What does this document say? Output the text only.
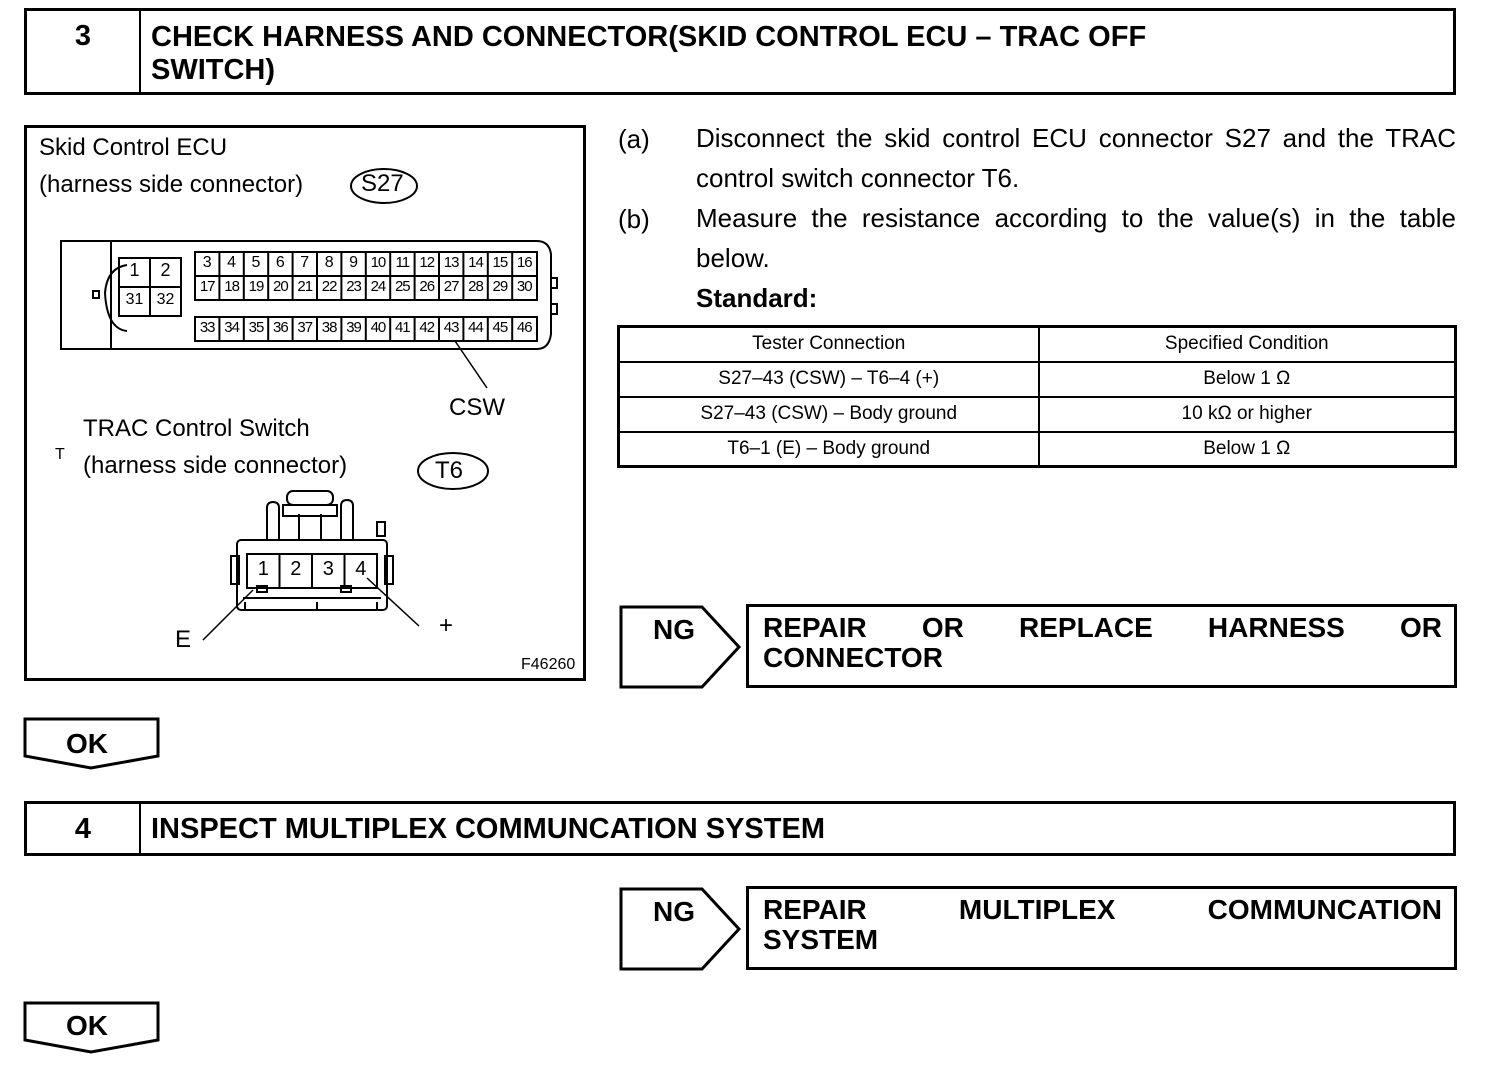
3	CHECK HARNESS AND CONNECTOR(SKID CONTROL ECU – TRAC OFF
SWITCH)
Skid Control ECU
(harness side connector) S27
1	2
31 32
3 4 5 6 7 8 9 10 11 12 13 14 15 16
17 18 19 20 21 22 23 24 25 26 27 28 29 30
33 34 35 36 37 38 39 40 41 42 43 44 45 46
CSW
TRAC Control Switch
T (harness side connector)	T6
1	2	3	4
E
+
F46260
(a) Disconnect the skid control ECU connector S27 and the TRAC control switch connector T6.
(b) Measure the resistance according to the value(s) in the table below.
Standard:
Tester Connection	Specified Condition
S27–43 (CSW) – T6–4 (+)	Below 1 Ω
S27–43 (CSW) – Body ground	10 kΩ or higher
T6–1 (E) – Body ground	Below 1 Ω
NG REPAIR OR REPLACE HARNESS OR
CONNECTOR
OK
4	INSPECT MULTIPLEX COMMUNCATION SYSTEM
NG REPAIR MULTIPLEX COMMUNCATION
SYSTEM
OK
